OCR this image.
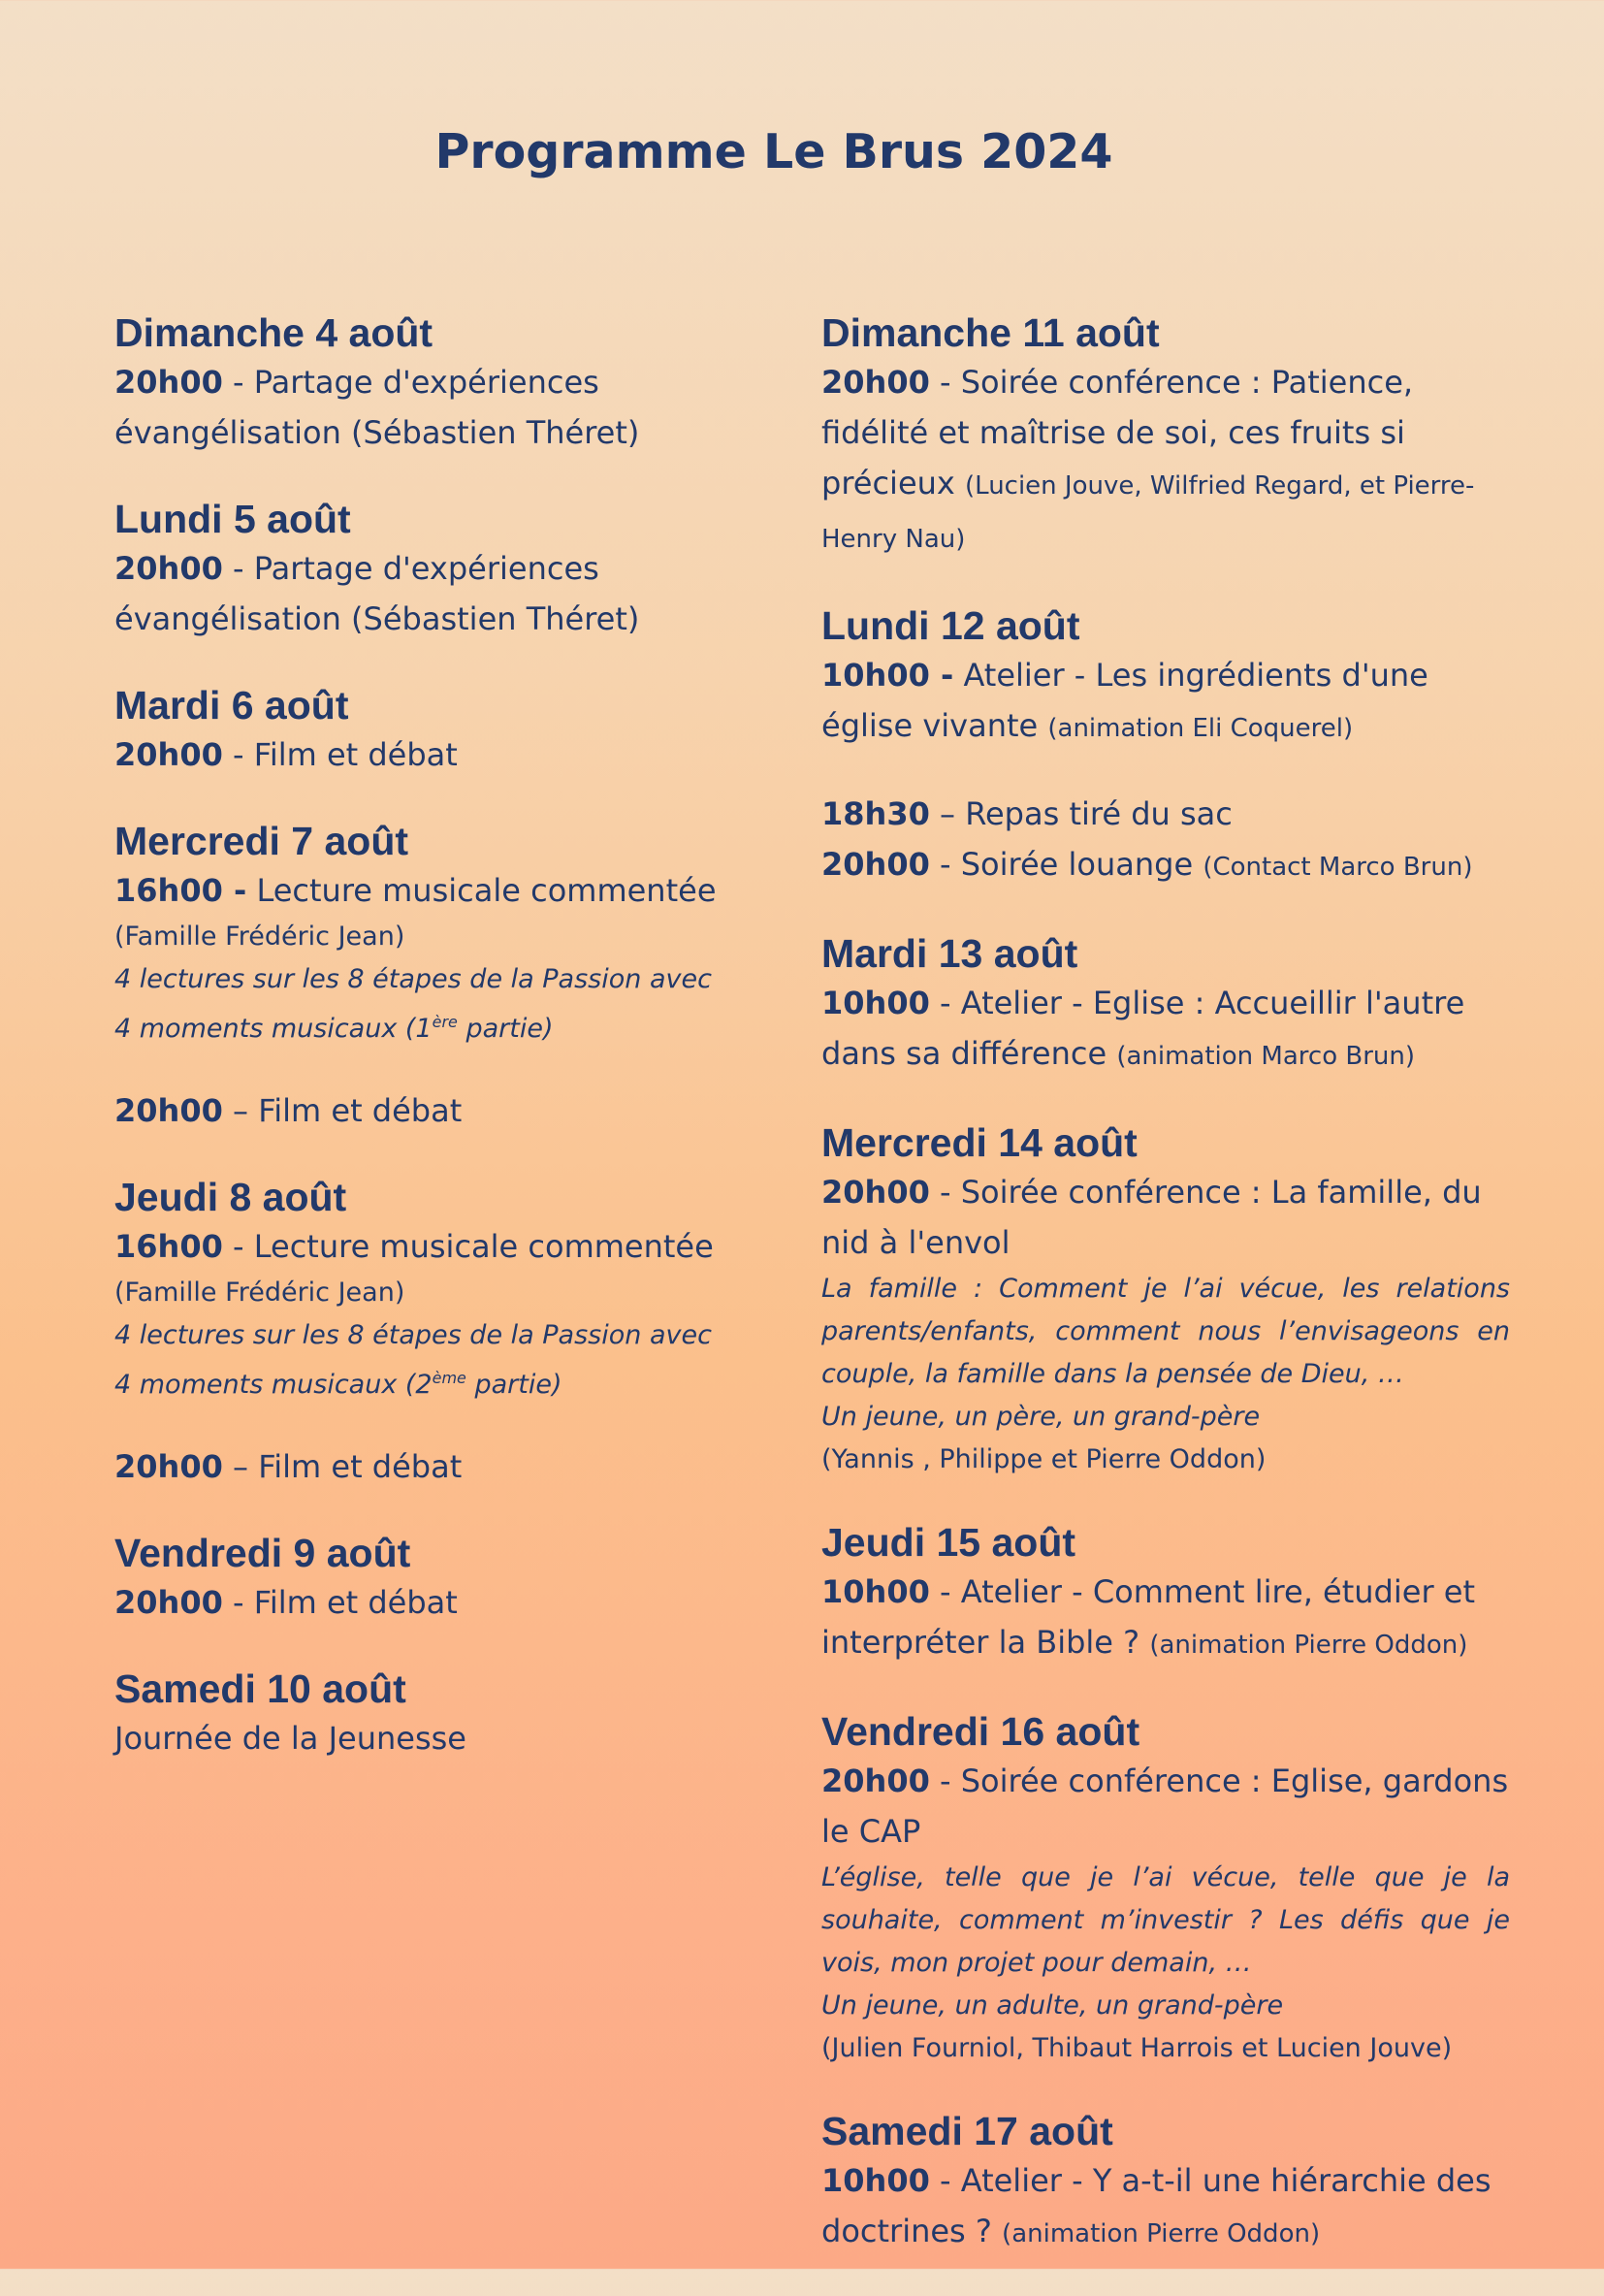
Programme Le Brus 2024
Dimanche 4 août
20h00 - Partage d'expériences évangélisation (Sébastien Théret)
Lundi 5 août
20h00 - Partage d'expériences évangélisation (Sébastien Théret)
Mardi 6 août
20h00 - Film et débat
Mercredi 7 août
16h00 - Lecture musicale commentée
(Famille Frédéric Jean)
4 lectures sur les 8 étapes de la Passion avec 4 moments musicaux (1ère partie)
20h00 – Film et débat
Jeudi 8 août
16h00 - Lecture musicale commentée
(Famille Frédéric Jean)
4 lectures sur les 8 étapes de la Passion avec 4 moments musicaux (2ème partie)
20h00 – Film et débat
Vendredi 9 août
20h00 - Film et débat
Samedi 10 août
Journée de la Jeunesse
Dimanche 11 août
20h00 - Soirée conférence : Patience, fidélité et maîtrise de soi, ces fruits si précieux (Lucien Jouve, Wilfried Regard, et Pierre-Henry Nau)
Lundi 12 août
10h00 - Atelier - Les ingrédients d'une église vivante (animation Eli Coquerel)
18h30 – Repas tiré du sac
20h00 - Soirée louange (Contact Marco Brun)
Mardi 13 août
10h00 - Atelier - Eglise : Accueillir l'autre dans sa différence (animation Marco Brun)
Mercredi 14 août
20h00 - Soirée conférence : La famille, du nid à l'envol
La famille : Comment je l’ai vécue, les relations parents/enfants, comment nous l’envisageons en couple, la famille dans la pensée de Dieu, …
Un jeune, un père, un grand-père
(Yannis , Philippe et Pierre Oddon)
Jeudi 15 août
10h00 - Atelier - Comment lire, étudier et interpréter la Bible ? (animation Pierre Oddon)
Vendredi 16 août
20h00 - Soirée conférence : Eglise, gardons le CAP
L’église, telle que je l’ai vécue, telle que je la souhaite, comment m’investir ? Les défis que je vois, mon projet pour demain, …
Un jeune, un adulte, un grand-père
(Julien Fourniol, Thibaut Harrois et Lucien Jouve)
Samedi 17 août
10h00 - Atelier - Y a-t-il une hiérarchie des doctrines ? (animation Pierre Oddon)
